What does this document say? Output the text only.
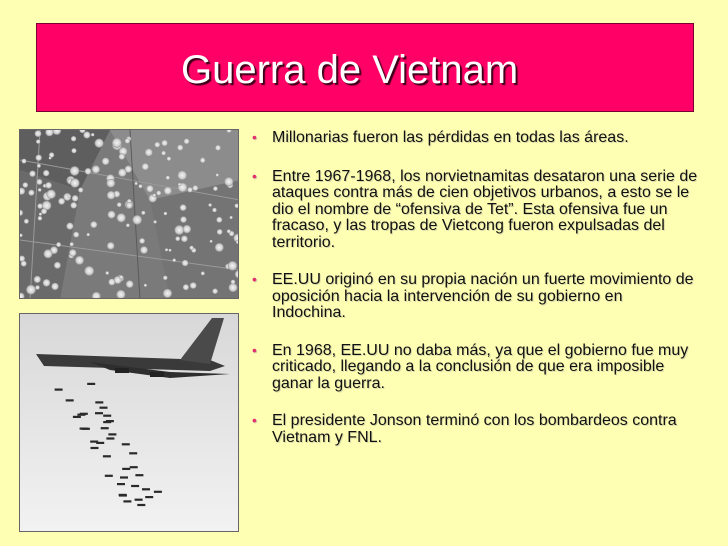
Guerra de Vietnam
• Millonarias fueron las pérdidas en todas las áreas.
• Entre 1967-1968, los norvietnamitas desataron una serie de ataques contra más de cien objetivos urbanos, a esto se le dio el nombre de “ofensiva de Tet”. Esta ofensiva fue un fracaso, y las tropas de Vietcong fueron expulsadas del territorio.
• EE.UU originó en su propia nación un fuerte movimiento de oposición hacia la intervención de su gobierno en Indochina.
• En 1968, EE.UU no daba más, ya que el gobierno fue muy criticado, llegando a la conclusión de que era imposible ganar la guerra.
• El presidente Jonson terminó con los bombardeos contra Vietnam y FNL.
